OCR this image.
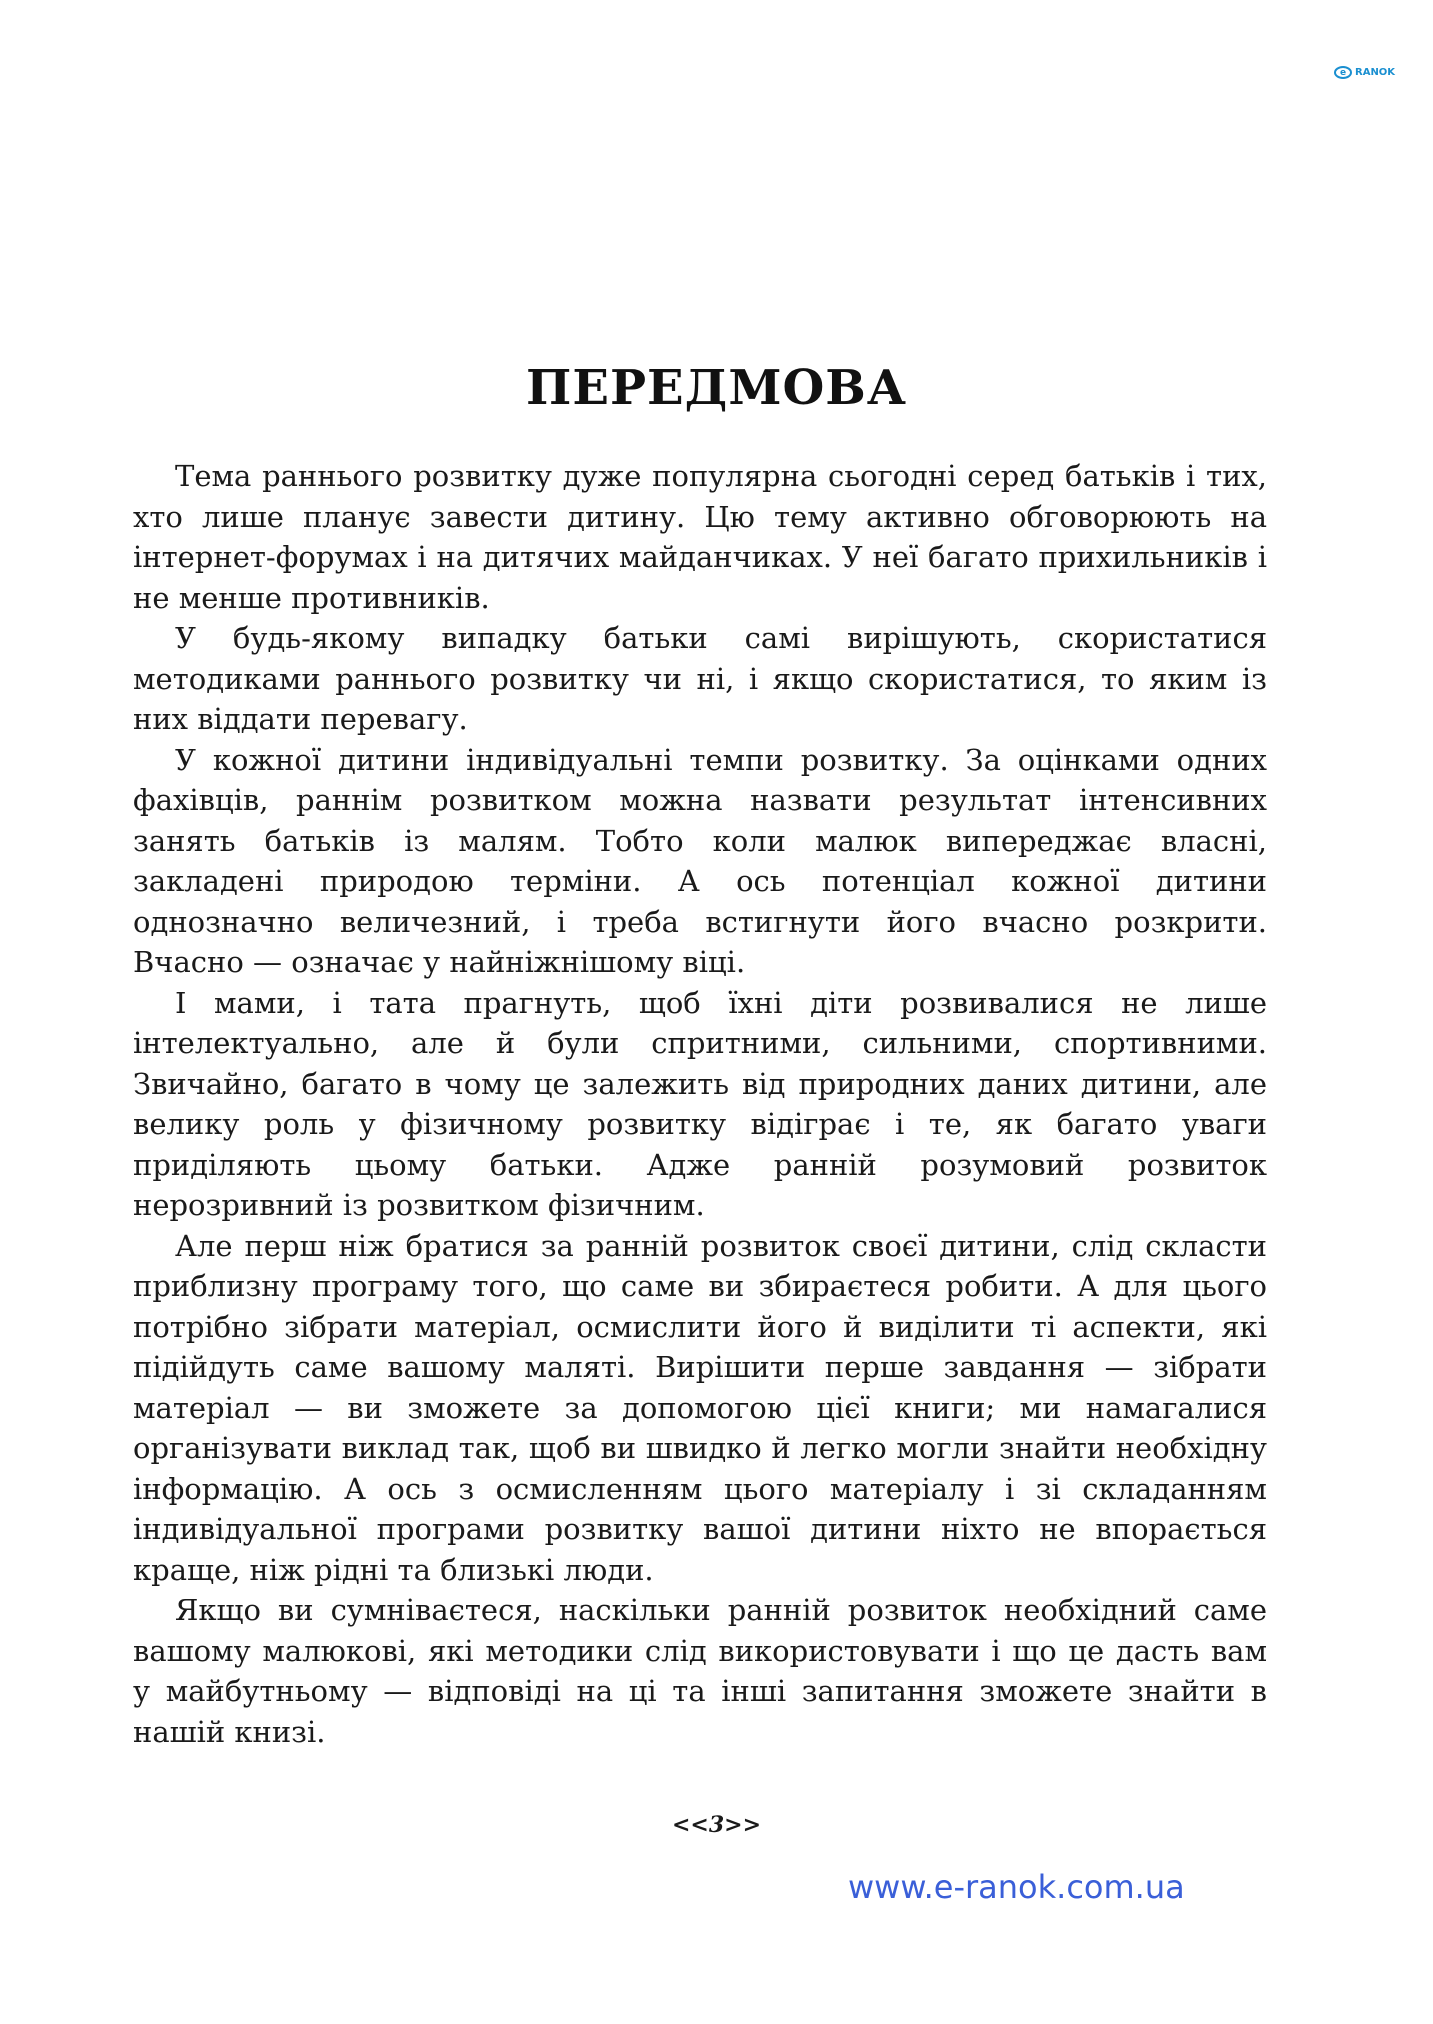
e RANOK
ПЕРЕДМОВА

Тема раннього розвитку дуже популярна сьогодні серед батьків і тих, хто лише планує завести дитину. Цю тему активно обговорюють на інтернет-форумах і на дитячих майданчиках. У неї багато прихильників і не менше противників.

У будь-якому випадку батьки самі вирішують, скористатися методиками раннього розвитку чи ні, і якщо скористатися, то яким із них віддати перевагу.

У кожної дитини індивідуальні темпи розвитку. За оцінками одних фахівців, раннім розвитком можна назвати результат інтенсивних занять батьків із малям. Тобто коли малюк випереджає власні, закладені природою терміни. А ось потенціал кожної дитини однозначно величезний, і треба встигнути його вчасно розкрити. Вчасно — означає у найніжнішому віці.

І мами, і тата прагнуть, щоб їхні діти розвивалися не лише інтелектуально, але й були спритними, сильними, спортивними. Звичайно, багато в чому це залежить від природних даних дитини, але велику роль у фізичному розвитку відіграє і те, як багато уваги приділяють цьому батьки. Адже ранній розумовий розвиток нерозривний із розвитком фізичним.

Але перш ніж братися за ранній розвиток своєї дитини, слід скласти приблизну програму того, що саме ви збираєтеся робити. А для цього потрібно зібрати матеріал, осмислити його й виділити ті аспекти, які підійдуть саме вашому маляті. Вирішити перше завдання — зібрати матеріал — ви зможете за допомогою цієї книги; ми намагалися організувати виклад так, щоб ви швидко й легко могли знайти необхідну інформацію. А ось з осмисленням цього матеріалу і зі складанням індивідуальної програми розвитку вашої дитини ніхто не впорається краще, ніж рідні та близькі люди.

Якщо ви сумніваєтеся, наскільки ранній розвиток необхідний саме вашому малюкові, які методики слід використовувати і що це дасть вам у майбутньому — відповіді на ці та інші запитання зможете знайти в нашій книзі.

<<3>>
www.e-ranok.com.ua
